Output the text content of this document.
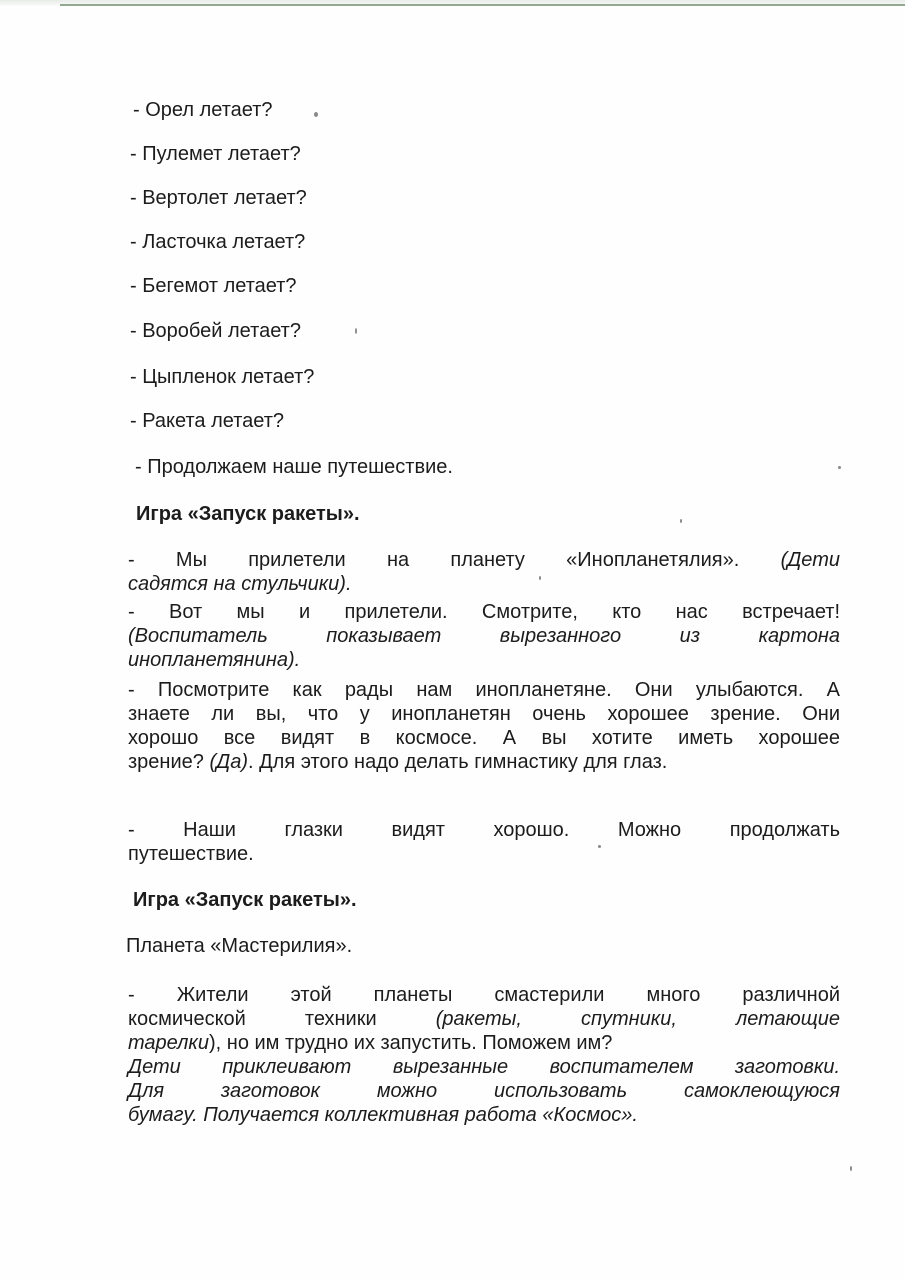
- Орел летает?
- Пулемет летает?
- Вертолет летает?
- Ласточка летает?
- Бегемот летает?
- Воробей летает?
- Цыпленок летает?
- Ракета летает?
- Продолжаем наше путешествие.
Игра «Запуск ракеты».
- Мы прилетели на планету «Инопланетялия». (Дети
садятся на стульчики).
- Вот мы и прилетели. Смотрите, кто нас встречает!
(Воспитатель показывает вырезанного из картона
инопланетянина).
- Посмотрите как рады нам инопланетяне. Они улыбаются. А
знаете ли вы, что у инопланетян очень хорошее зрение. Они
хорошо все видят в космосе. А вы хотите иметь хорошее
зрение? (Да). Для этого надо делать гимнастику для глаз.
- Наши глазки видят хорошо. Можно продолжать
путешествие.
Игра «Запуск ракеты».
Планета «Мастерилия».
- Жители этой планеты смастерили много различной
космической техники	(ракеты, спутники, летающие
тарелки), но им трудно их запустить. Поможем им?
Дети приклеивают вырезанные воспитателем заготовки.
Для заготовок можно использовать самоклеющуюся
бумагу. Получается коллективная работа «Космос».
